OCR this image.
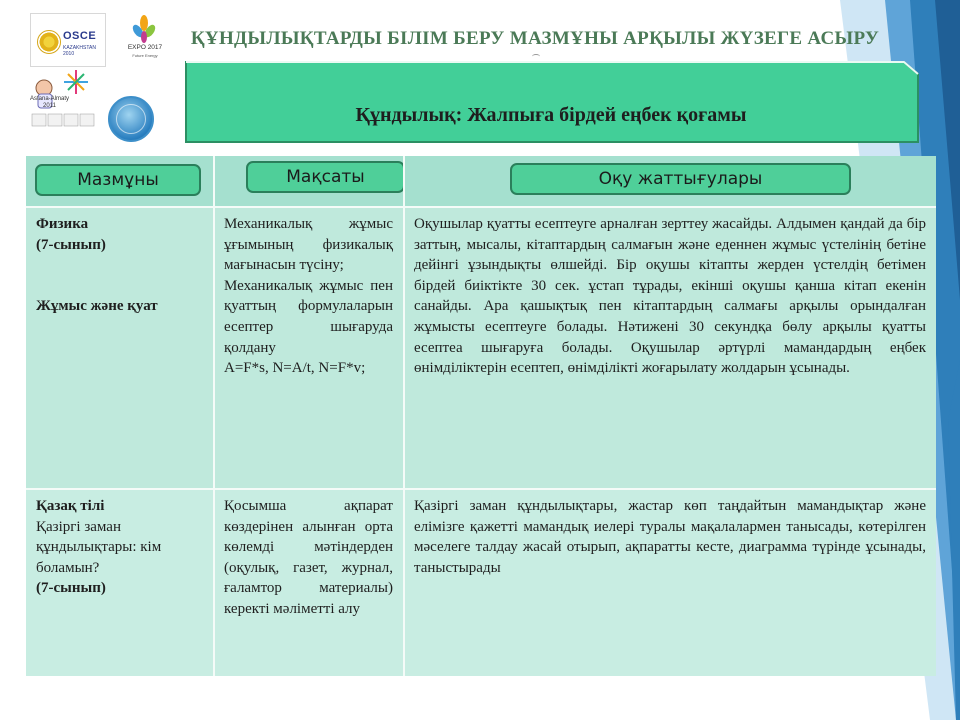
OSCE
KAZAKHSTAN 2010
EXPO 2017
Future Energy
Astana-Almaty
2011
ҚҰНДЫЛЫҚТАРДЫ БІЛІМ БЕРУ МАЗМҰНЫ АРҚЫЛЫ ЖҮЗЕГЕ АСЫРУ
Құндылық: Жалпыға бірдей еңбек қоғамы
Мазмұны	Мақсаты	Оқу жаттығулары
Физика
(7-сынып)
Жұмыс және қуат
Механикалық жұмыс ұғымының физикалық мағынасын түсіну;
Механикалық жұмыс пен қуаттың формулаларын есептер шығаруда қолдану
A=F*s, N=A/t, N=F*v;
Оқушылар қуатты есептеуге арналған зерттеу жасайды. Алдымен қандай да бір заттың, мысалы, кітаптардың салмағын және еденнен жұмыс үстелінің бетіне дейінгі ұзындықты өлшейді. Бір оқушы кітапты жерден үстелдің бетімен бірдей биіктікте 30 сек. ұстап тұрады, екінші оқушы қанша кітап екенін санайды. Ара қашықтық пен кітаптардың салмағы арқылы орындалған жұмысты есептеуге болады. Нәтижені 30 секундқа бөлу арқылы қуатты есептеа шығаруға болады. Оқушылар әртүрлі мамандардың еңбек өнімділіктерін есептеп, өнімділікті жоғарылату жолдарын ұсынады.
Қазақ тілі
Қазіргі заман құндылықтары: кім боламын?
(7-сынып)
Қосымша ақпарат көздерінен алынған орта көлемді мәтіндерден (оқулық, газет, журнал, ғаламтор материалы) керекті мәліметті алу
Қазіргі заман құндылықтары, жастар көп таңдайтын мамандықтар және елімізге қажетті мамандық иелері туралы мақалалармен танысады, көтерілген мәселеге талдау жасай отырып, ақпаратты кесте, диаграмма түрінде ұсынады, таныстырады
